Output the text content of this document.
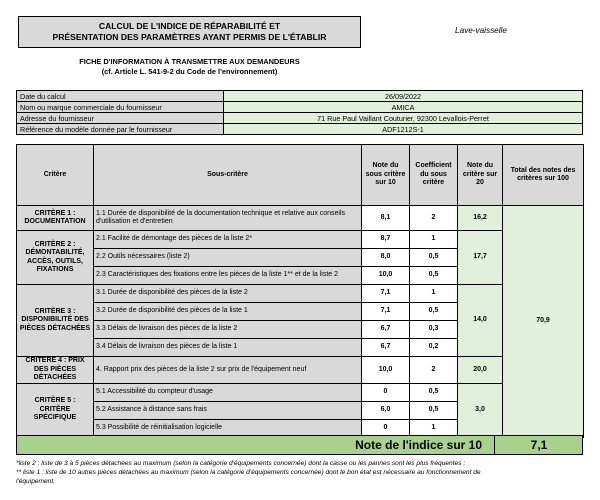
CALCUL DE L'INDICE DE RÉPARABILITÉ ET
PRÉSENTATION DES PARAMÈTRES AYANT PERMIS DE L'ÉTABLIR
Lave-vaisselle
FICHE D'INFORMATION À TRANSMETTRE AUX DEMANDEURS
(cf. Article L. 541-9-2 du Code de l'environnement)
Date du calcul	26/09/2022
Nom ou marque commerciale du fournisseur	AMICA
Adresse du fournisseur	71 Rue Paul Vaillant Couturier, 92300 Levallois-Perret
Référence du modèle donnée par le fournisseur	ADF1212S-1
Critère	Sous-critère	Note du sous critère sur 10	Coefficient du sous critère	Note du critère sur 20	Total des notes des critères sur 100
CRITÈRE 1 : DOCUMENTATION	1.1 Durée de disponibilité de la documentation technique et relative aux conseils d'utilisation et d'entretien	8,1	2	16,2	70,9
CRITÈRE 2 : DÉMONTABILITÉ, ACCÈS, OUTILS, FIXATIONS	2.1 Facilité de démontage des pièces de la liste 2*	8,7	1	17,7	
	2.2 Outils nécessaires (liste 2)	8,0	0,5		
	2.3 Caractéristiques des fixations entre les pièces de la liste 1** et de la liste 2	10,0	0,5		
CRITÈRE 3 : DISPONIBILITÉ DES PIÈCES DÉTACHÉES	3.1 Durée de disponibilité des pièces de la liste 2	7,1	1	14,0	
	3.2 Durée de disponibilité des pièces de la liste 1	7,1	0,5		
	3.3 Délais de livraison des pièces de la liste 2	6,7	0,3		
	3.4 Délais de livraison des pièces de la liste 1	6,7	0,2		
CRITÈRE 4 : PRIX DES PIÈCES DÉTACHÉES	4. Rapport prix des pièces de la liste 2 sur prix de l'équipement neuf	10,0	2	20,0	
CRITÈRE 5 : CRITÈRE SPÉCIFIQUE	5.1 Accessibilité du compteur d'usage	0	0,5	3,0	
	5.2 Assistance à distance sans frais	6,0	0,5		
	5.3 Possibilité de réinitialisation logicielle	0	1		
Note de l'indice sur 10	7,1
*liste 2 : liste de 3 à 5 pièces détachées au maximum (selon la catégorie d'équipements concernée) dont la casse ou les pannes sont les plus fréquentes ;
** liste 1 : liste de 10 autres pièces détachées au maximum (selon la catégorie d'équipements concernée) dont le bon état est nécessaire au fonctionnement de
l'équipement.
